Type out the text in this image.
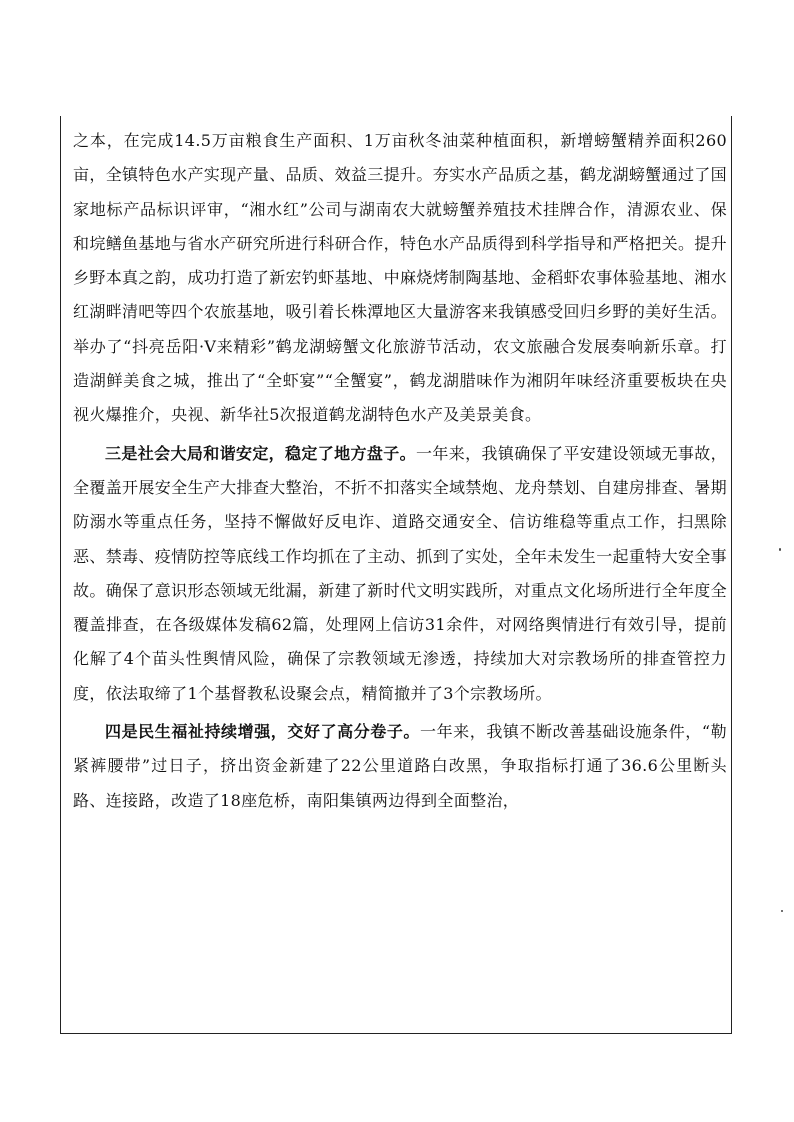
之本，在完成14.5万亩粮食生产面积、1万亩秋冬油菜种植面积，新增螃蟹精养面积260亩，全镇特色水产实现产量、品质、效益三提升。夯实水产品质之基，鹤龙湖螃蟹通过了国家地标产品标识评审，“湘水红”公司与湖南农大就螃蟹养殖技术挂牌合作，清源农业、保和垸鳝鱼基地与省水产研究所进行科研合作，特色水产品质得到科学指导和严格把关。提升乡野本真之韵，成功打造了新宏钓虾基地、中麻烧烤制陶基地、金稻虾农事体验基地、湘水红湖畔清吧等四个农旅基地，吸引着长株潭地区大量游客来我镇感受回归乡野的美好生活。举办了“抖亮岳阳·V来精彩”鹤龙湖螃蟹文化旅游节活动，农文旅融合发展奏响新乐章。打造湖鲜美食之城，推出了“全虾宴”“全蟹宴”，鹤龙湖腊味作为湘阴年味经济重要板块在央视火爆推介，央视、新华社5次报道鹤龙湖特色水产及美景美食。

三是社会大局和谐安定，稳定了地方盘子。一年来，我镇确保了平安建设领域无事故，全覆盖开展安全生产大排查大整治，不折不扣落实全域禁炮、龙舟禁划、自建房排查、暑期防溺水等重点任务，坚持不懈做好反电诈、道路交通安全、信访维稳等重点工作，扫黑除恶、禁毒、疫情防控等底线工作均抓在了主动、抓到了实处，全年未发生一起重特大安全事故。确保了意识形态领域无纰漏，新建了新时代文明实践所，对重点文化场所进行全年度全覆盖排查，在各级媒体发稿62篇，处理网上信访31余件，对网络舆情进行有效引导，提前化解了4个苗头性舆情风险，确保了宗教领域无渗透，持续加大对宗教场所的排查管控力度，依法取缔了1个基督教私设聚会点，精简撤并了3个宗教场所。

四是民生福祉持续增强，交好了高分卷子。一年来，我镇不断改善基础设施条件，“勒紧裤腰带”过日子，挤出资金新建了22公里道路白改黑，争取指标打通了36.6公里断头路、连接路，改造了18座危桥，南阳集镇两边得到全面整治，
